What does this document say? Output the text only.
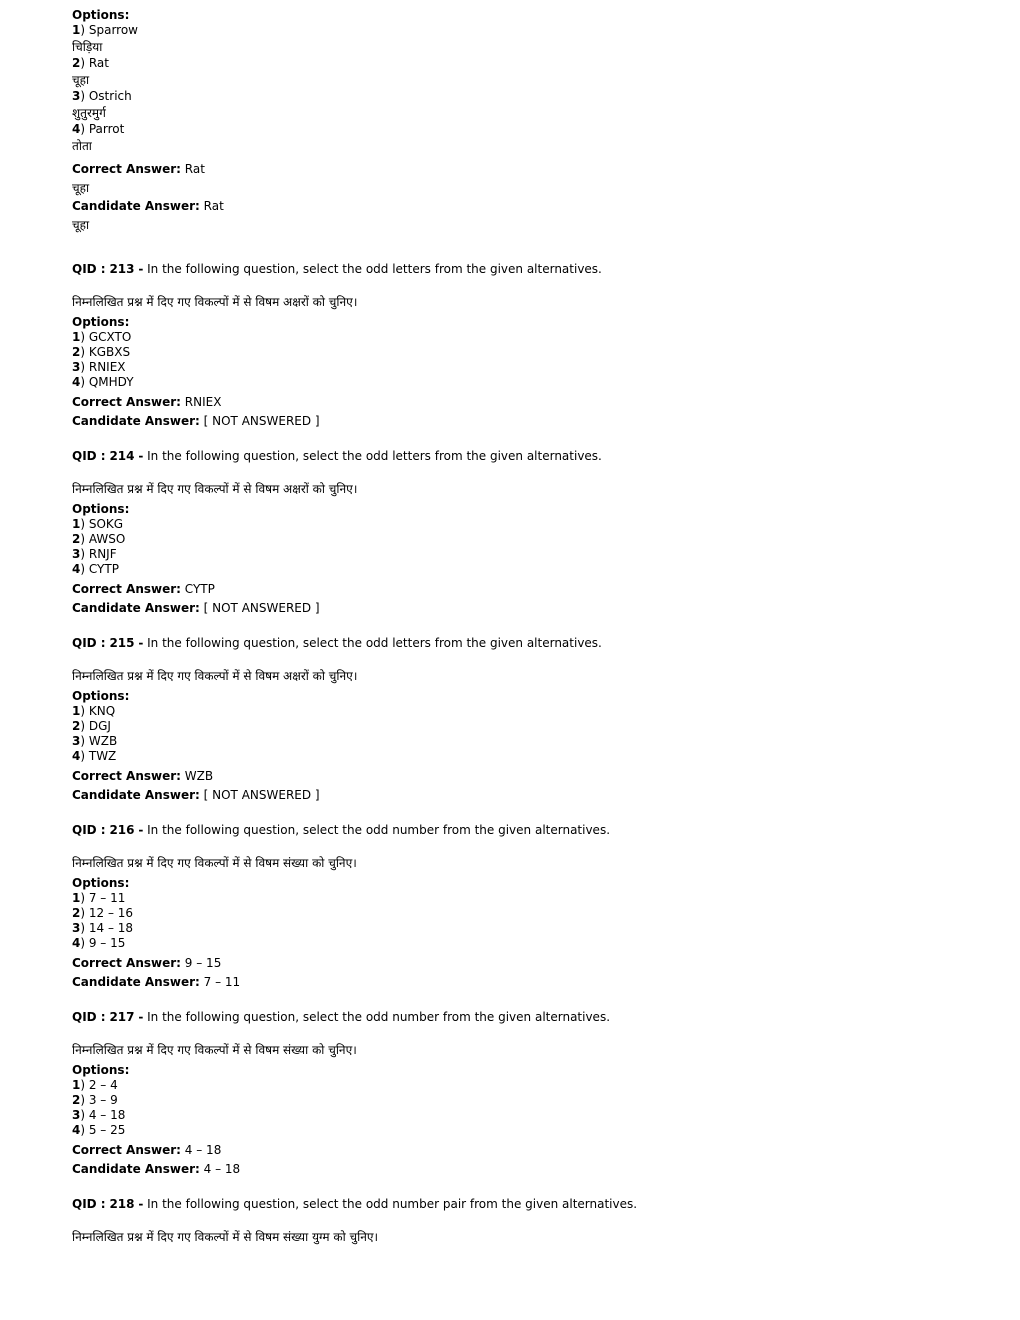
Options:
1) Sparrow
चिड़िया
2) Rat
चूहा
3) Ostrich
शुतुरमुर्ग
4) Parrot
तोता
Correct Answer: Rat
चूहा
Candidate Answer: Rat
चूहा
QID : 213 - In the following question, select the odd letters from the given alternatives.
निम्नलिखित प्रश्न में दिए गए विकल्पों में से विषम अक्षरों को चुनिए।
Options:
1) GCXTO
2) KGBXS
3) RNIEX
4) QMHDY
Correct Answer: RNIEX
Candidate Answer: [ NOT ANSWERED ]
QID : 214 - In the following question, select the odd letters from the given alternatives.
निम्नलिखित प्रश्न में दिए गए विकल्पों में से विषम अक्षरों को चुनिए।
Options:
1) SOKG
2) AWSO
3) RNJF
4) CYTP
Correct Answer: CYTP
Candidate Answer: [ NOT ANSWERED ]
QID : 215 - In the following question, select the odd letters from the given alternatives.
निम्नलिखित प्रश्न में दिए गए विकल्पों में से विषम अक्षरों को चुनिए।
Options:
1) KNQ
2) DGJ
3) WZB
4) TWZ
Correct Answer: WZB
Candidate Answer: [ NOT ANSWERED ]
QID : 216 - In the following question, select the odd number from the given alternatives.
निम्नलिखित प्रश्न में दिए गए विकल्पों में से विषम संख्या को चुनिए।
Options:
1) 7 – 11
2) 12 – 16
3) 14 – 18
4) 9 – 15
Correct Answer: 9 – 15
Candidate Answer: 7 – 11
QID : 217 - In the following question, select the odd number from the given alternatives.
निम्नलिखित प्रश्न में दिए गए विकल्पों में से विषम संख्या को चुनिए।
Options:
1) 2 – 4
2) 3 – 9
3) 4 – 18
4) 5 – 25
Correct Answer: 4 – 18
Candidate Answer: 4 – 18
QID : 218 - In the following question, select the odd number pair from the given alternatives.
निम्नलिखित प्रश्न में दिए गए विकल्पों में से विषम संख्या युग्म को चुनिए।
